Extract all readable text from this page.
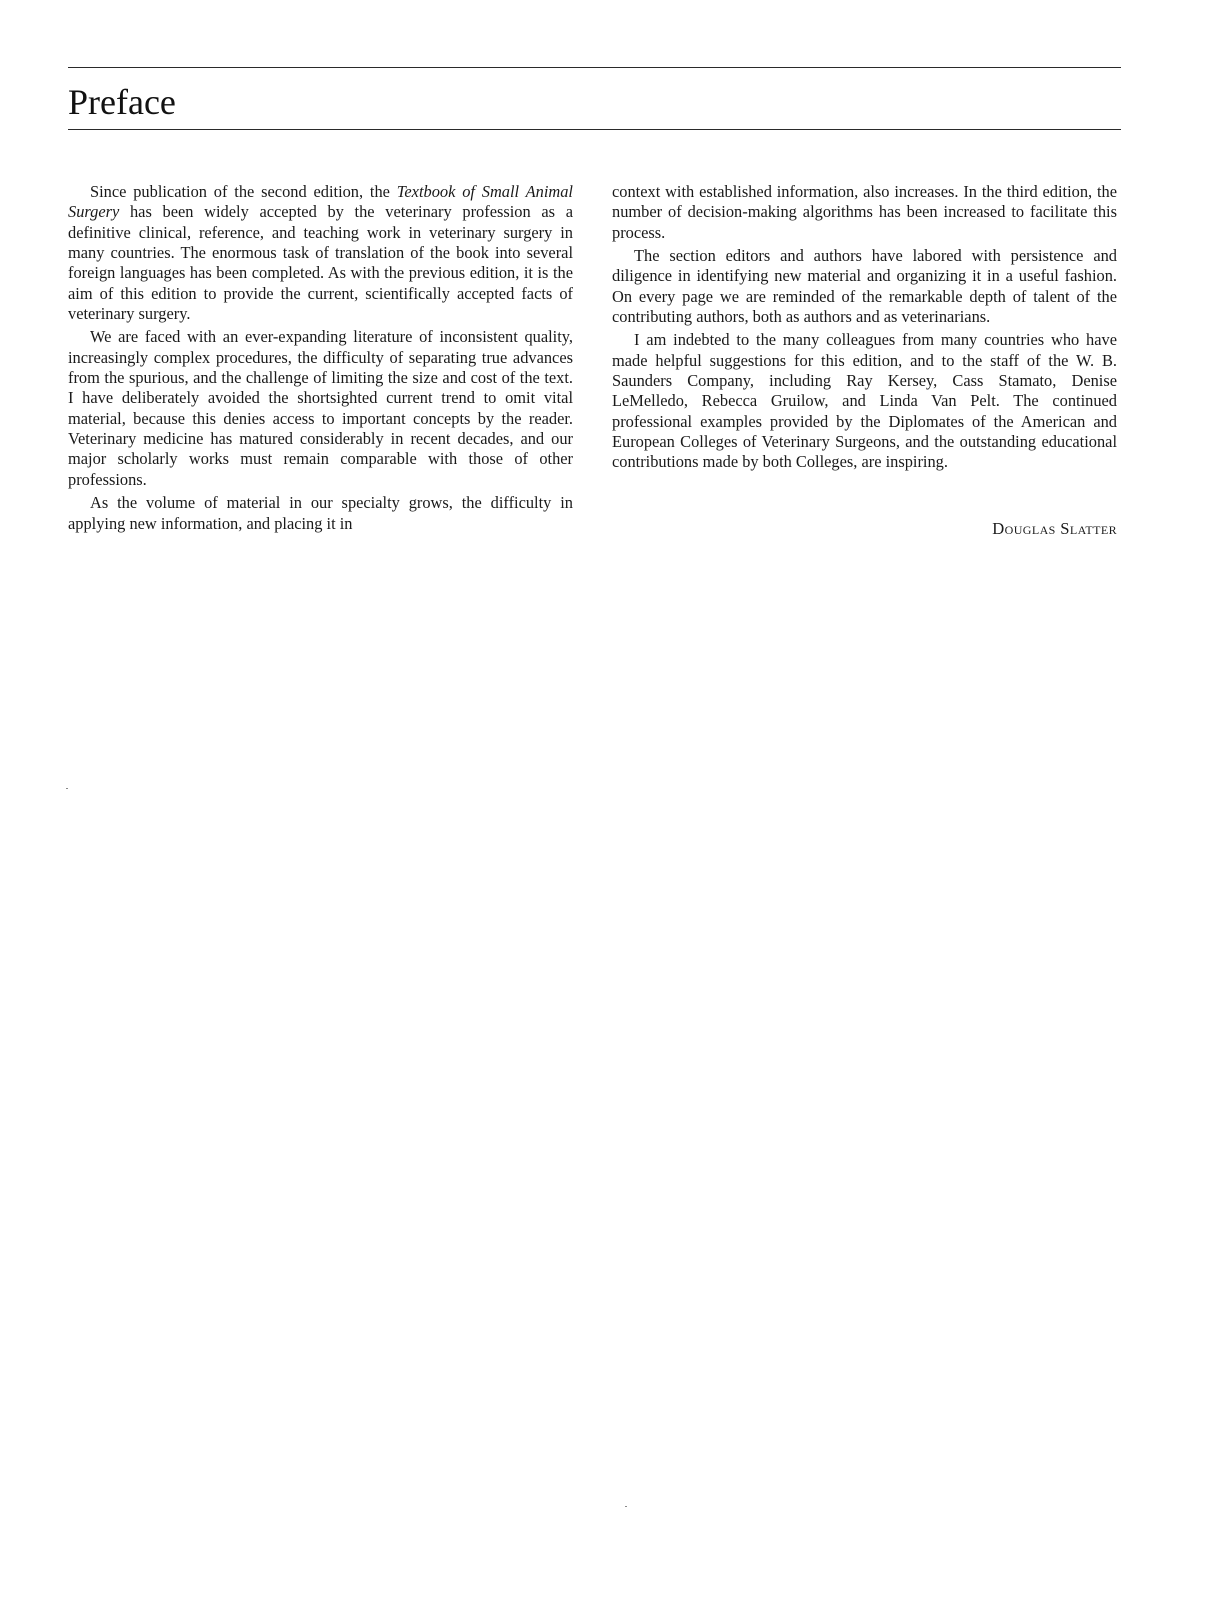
Preface

Since publication of the second edition, the Textbook of Small Animal Surgery has been widely accepted by the veterinary profession as a definitive clinical, reference, and teaching work in veterinary surgery in many countries. The enormous task of translation of the book into several foreign languages has been completed. As with the previous edition, it is the aim of this edition to provide the current, scientifically accepted facts of veterinary surgery.

We are faced with an ever-expanding literature of inconsistent quality, increasingly complex procedures, the difficulty of separating true advances from the spurious, and the challenge of limiting the size and cost of the text. I have deliberately avoided the shortsighted current trend to omit vital material, because this denies access to important concepts by the reader. Veterinary medicine has matured considerably in recent decades, and our major scholarly works must remain comparable with those of other professions.

As the volume of material in our specialty grows, the difficulty in applying new information, and placing it in

context with established information, also increases. In the third edition, the number of decision-making algorithms has been increased to facilitate this process.

The section editors and authors have labored with persistence and diligence in identifying new material and organizing it in a useful fashion. On every page we are reminded of the remarkable depth of talent of the contributing authors, both as authors and as veterinarians.

I am indebted to the many colleagues from many countries who have made helpful suggestions for this edition, and to the staff of the W. B. Saunders Company, including Ray Kersey, Cass Stamato, Denise LeMelledo, Rebecca Gruilow, and Linda Van Pelt. The continued professional examples provided by the Diplomates of the American and European Colleges of Veterinary Surgeons, and the outstanding educational contributions made by both Colleges, are inspiring.

Douglas Slatter
